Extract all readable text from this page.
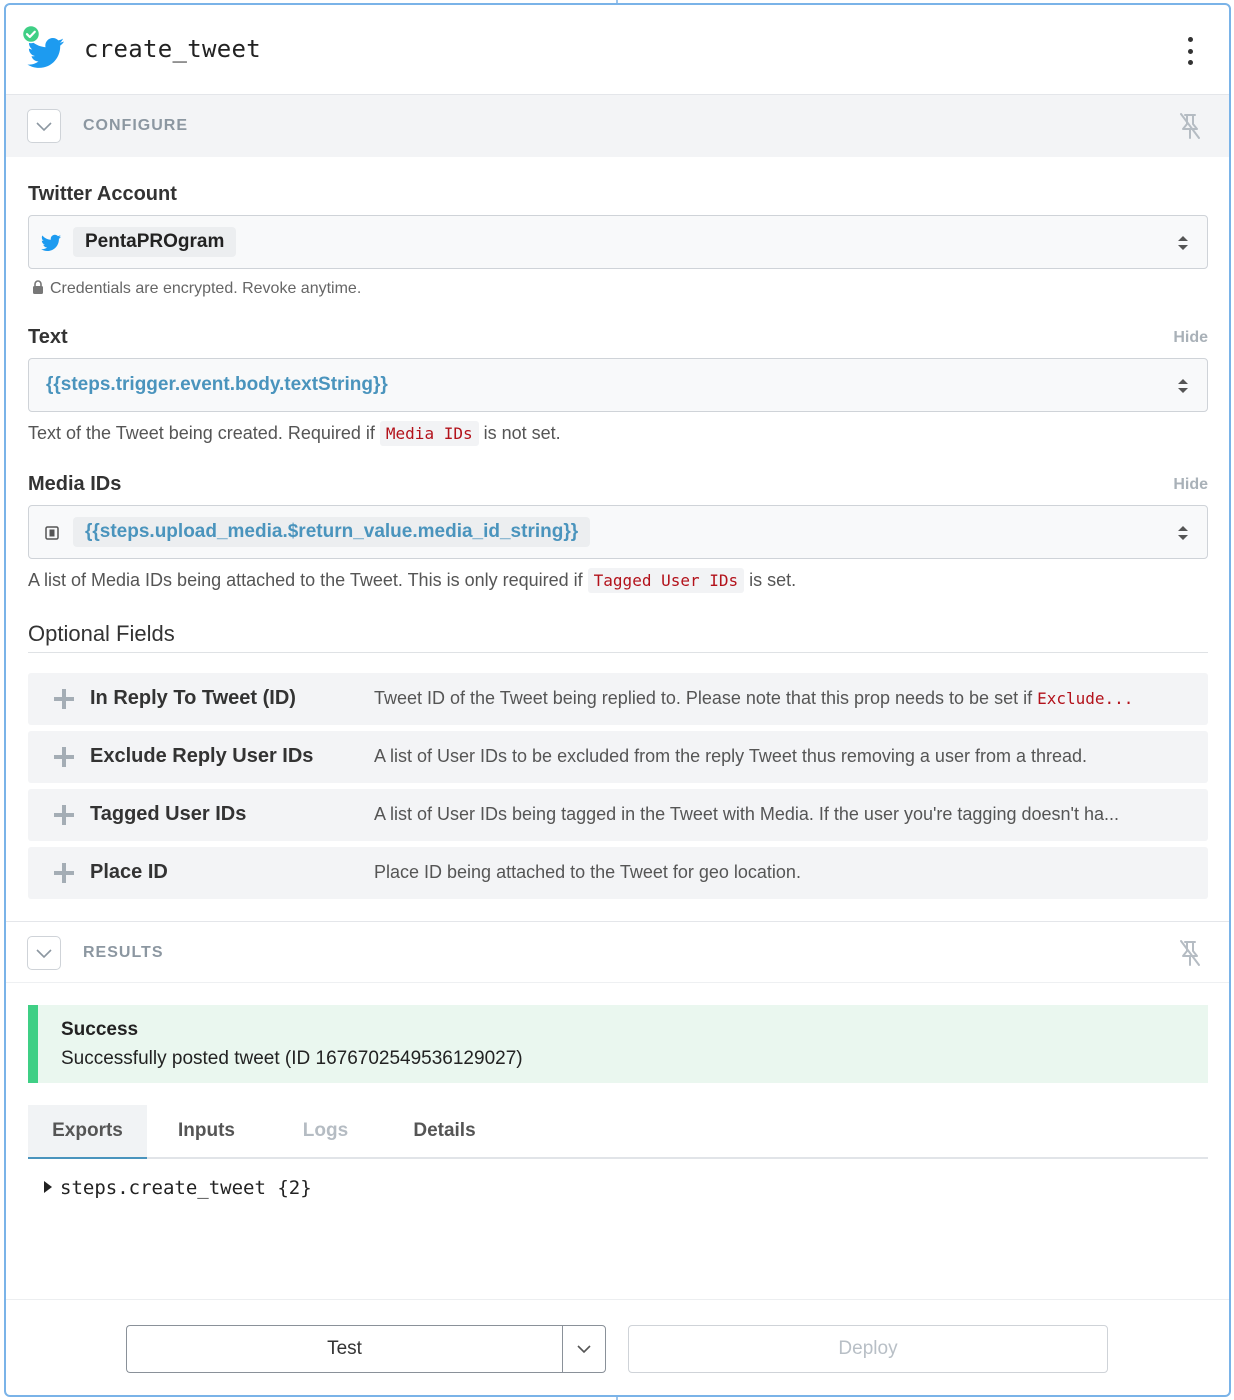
create_tweet
CONFIGURE
Twitter Account
PentaPROgram
Credentials are encrypted. Revoke anytime.
Text	Hide
{{steps.trigger.event.body.textString}}
Text of the Tweet being created. Required if Media IDs is not set.
Media IDs	Hide
{{steps.upload_media.$return_value.media_id_string}}
A list of Media IDs being attached to the Tweet. This is only required if Tagged User IDs is set.
Optional Fields
In Reply To Tweet (ID)	Tweet ID of the Tweet being replied to. Please note that this prop needs to be set if Exclude...
Exclude Reply User IDs	A list of User IDs to be excluded from the reply Tweet thus removing a user from a thread.
Tagged User IDs	A list of User IDs being tagged in the Tweet with Media. If the user you're tagging doesn't ha...
Place ID	Place ID being attached to the Tweet for geo location.
RESULTS
Success
Successfully posted tweet (ID 1676702549536129027)
Exports	Inputs	Logs	Details
steps.create_tweet {2}
Test	Deploy
